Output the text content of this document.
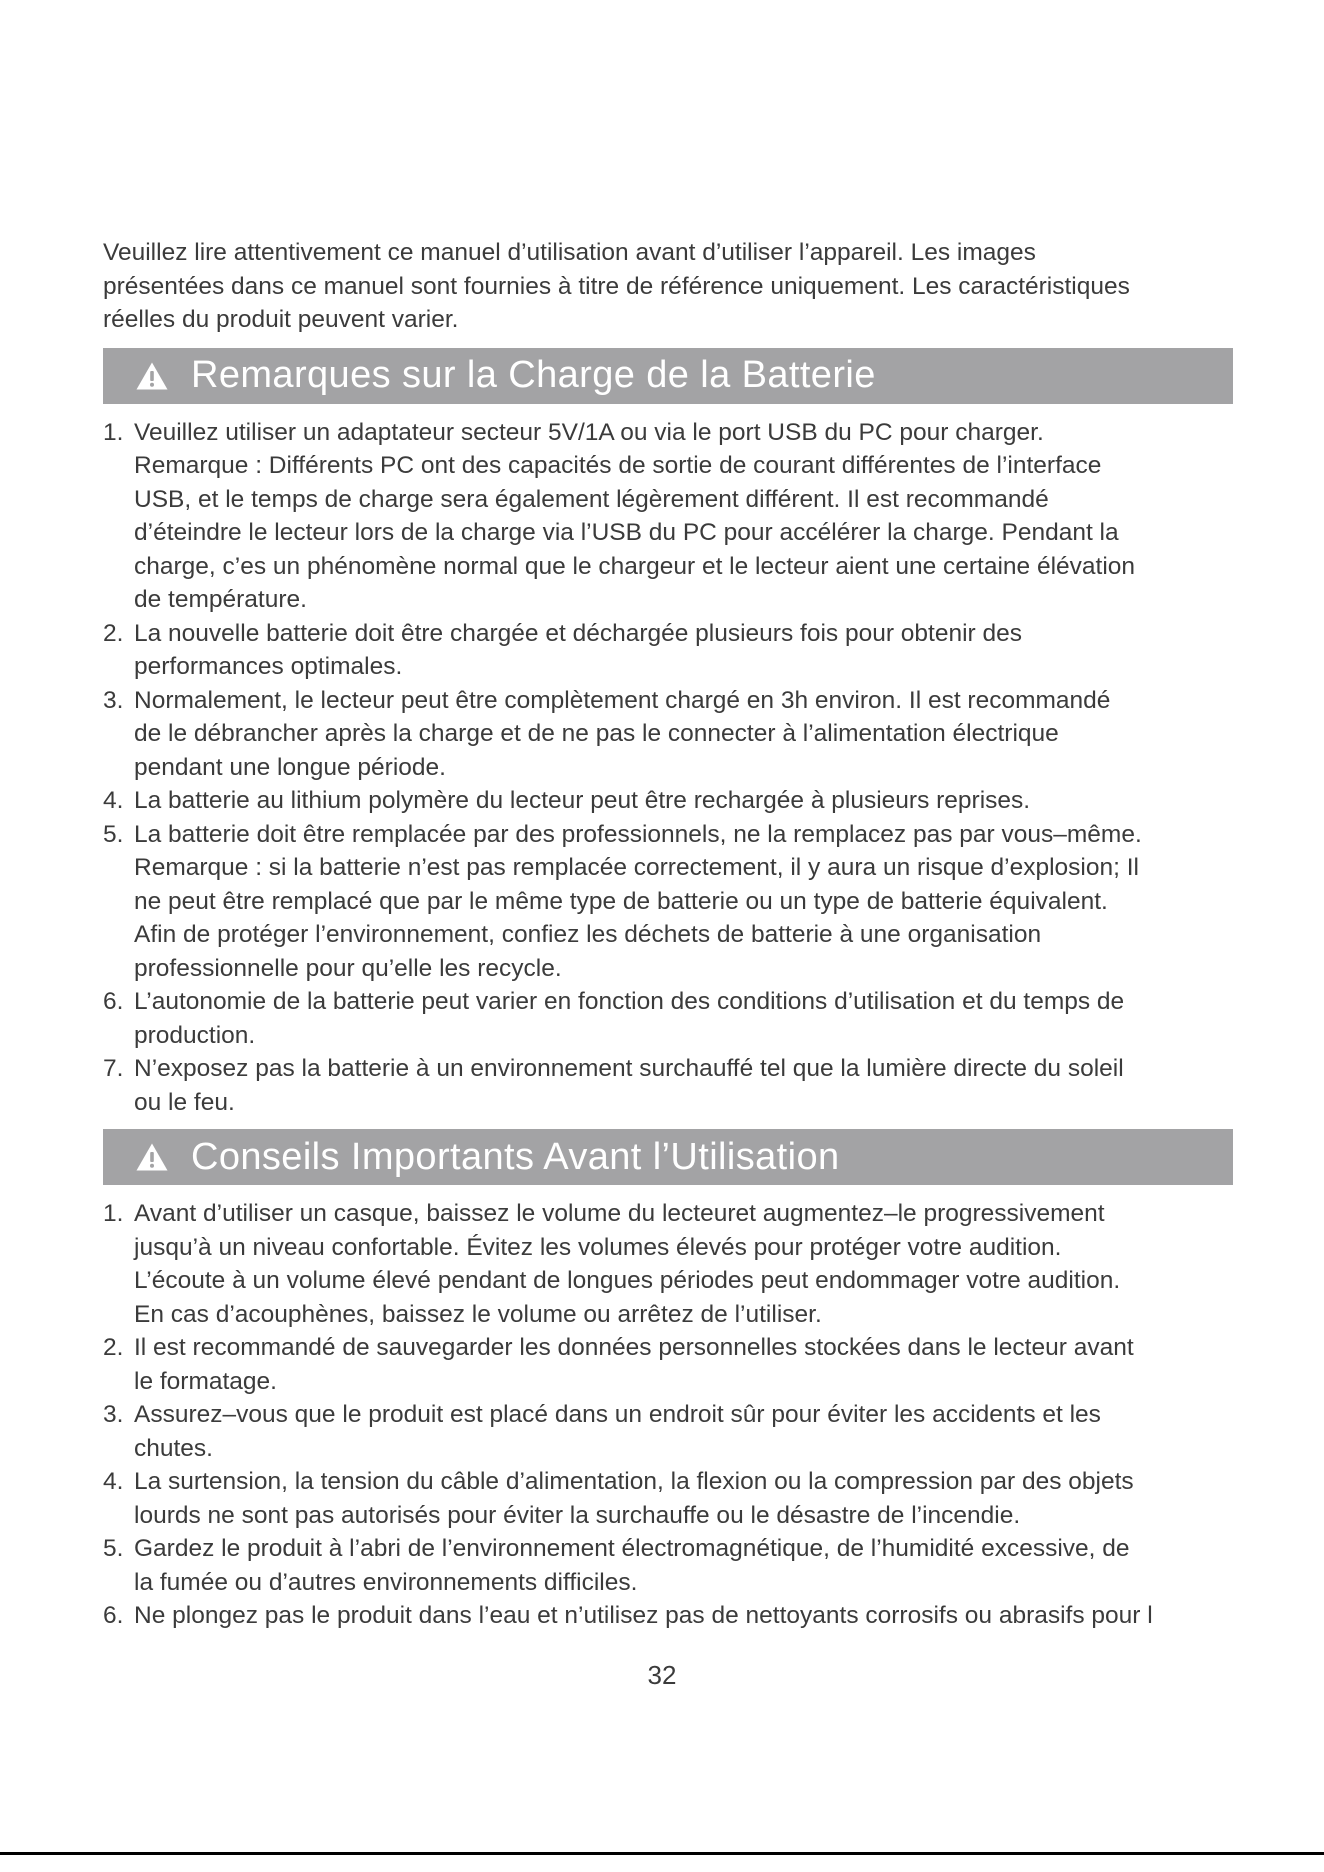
Veuillez lire attentivement ce manuel d’utilisation avant d’utiliser l’appareil. Les images
présentées dans ce manuel sont fournies à titre de référence uniquement. Les caractéristiques
réelles du produit peuvent varier.
Remarques sur la Charge de la Batterie
1. Veuillez utiliser un adaptateur secteur 5V/1A ou via le port USB du PC pour charger.
Remarque : Différents PC ont des capacités de sortie de courant différentes de l’interface
USB, et le temps de charge sera également légèrement différent. Il est recommandé
d’éteindre le lecteur lors de la charge via l’USB du PC pour accélérer la charge. Pendant la
charge, c’es un phénomène normal que le chargeur et le lecteur aient une certaine élévation
de température.
2. La nouvelle batterie doit être chargée et déchargée plusieurs fois pour obtenir des
performances optimales.
3. Normalement, le lecteur peut être complètement chargé en 3h environ. Il est recommandé
de le débrancher après la charge et de ne pas le connecter à l’alimentation électrique
pendant une longue période.
4. La batterie au lithium polymère du lecteur peut être rechargée à plusieurs reprises.
5. La batterie doit être remplacée par des professionnels, ne la remplacez pas par vous–même.
Remarque : si la batterie n’est pas remplacée correctement, il y aura un risque d’explosion; Il
ne peut être remplacé que par le même type de batterie ou un type de batterie équivalent.
Afin de protéger l’environnement, confiez les déchets de batterie à une organisation
professionnelle pour qu’elle les recycle.
6. L’autonomie de la batterie peut varier en fonction des conditions d’utilisation et du temps de
production.
7. N’exposez pas la batterie à un environnement surchauffé tel que la lumière directe du soleil
ou le feu.
Conseils Importants Avant l’Utilisation
1. Avant d’utiliser un casque, baissez le volume du lecteuret augmentez–le progressivement
jusqu’à un niveau confortable. Évitez les volumes élevés pour protéger votre audition.
L’écoute à un volume élevé pendant de longues périodes peut endommager votre audition.
En cas d’acouphènes, baissez le volume ou arrêtez de l’utiliser.
2. Il est recommandé de sauvegarder les données personnelles stockées dans le lecteur avant
le formatage.
3. Assurez–vous que le produit est placé dans un endroit sûr pour éviter les accidents et les
chutes.
4. La surtension, la tension du câble d’alimentation, la flexion ou la compression par des objets
lourds ne sont pas autorisés pour éviter la surchauffe ou le désastre de l’incendie.
5. Gardez le produit à l’abri de l’environnement électromagnétique, de l’humidité excessive, de
la fumée ou d’autres environnements difficiles.
6. Ne plongez pas le produit dans l’eau et n’utilisez pas de nettoyants corrosifs ou abrasifs pour l
32
